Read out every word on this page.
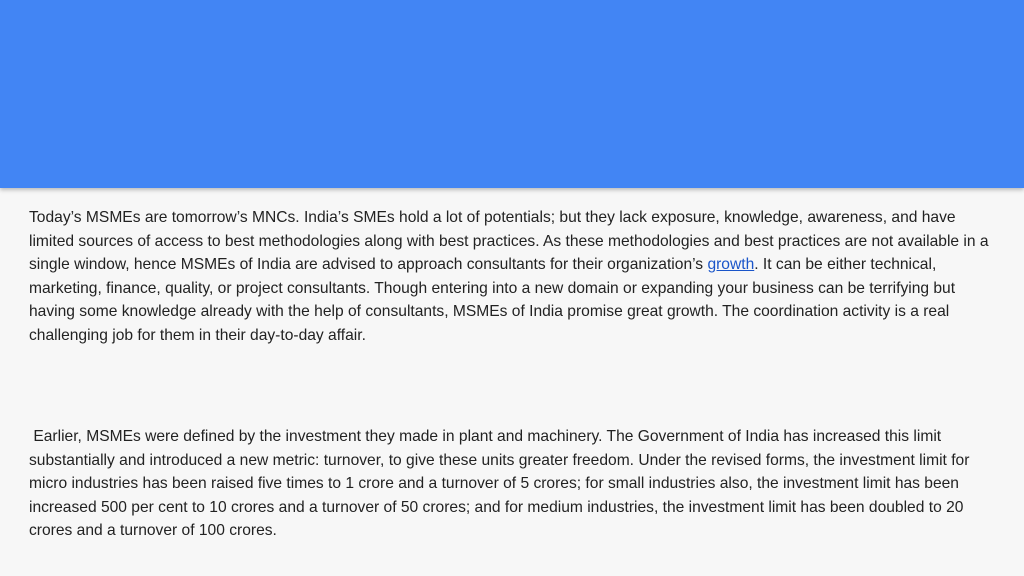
Today’s MSMEs are tomorrow’s MNCs. India’s SMEs hold a lot of potentials; but they lack exposure, knowledge, awareness, and have limited sources of access to best methodologies along with best practices. As these methodologies and best practices are not available in a single window, hence MSMEs of India are advised to approach consultants for their organization’s growth. It can be either technical, marketing, finance, quality, or project consultants. Though entering into a new domain or expanding your business can be terrifying but having some knowledge already with the help of consultants, MSMEs of India promise great growth. The coordination activity is a real challenging job for them in their day-to-day affair.

Earlier, MSMEs were defined by the investment they made in plant and machinery. The Government of India has increased this limit substantially and introduced a new metric: turnover, to give these units greater freedom. Under the revised forms, the investment limit for micro industries has been raised five times to 1 crore and a turnover of 5 crores; for small industries also, the investment limit has been increased 500 per cent to 10 crores and a turnover of 50 crores; and for medium industries, the investment limit has been doubled to 20 crores and a turnover of 100 crores.
